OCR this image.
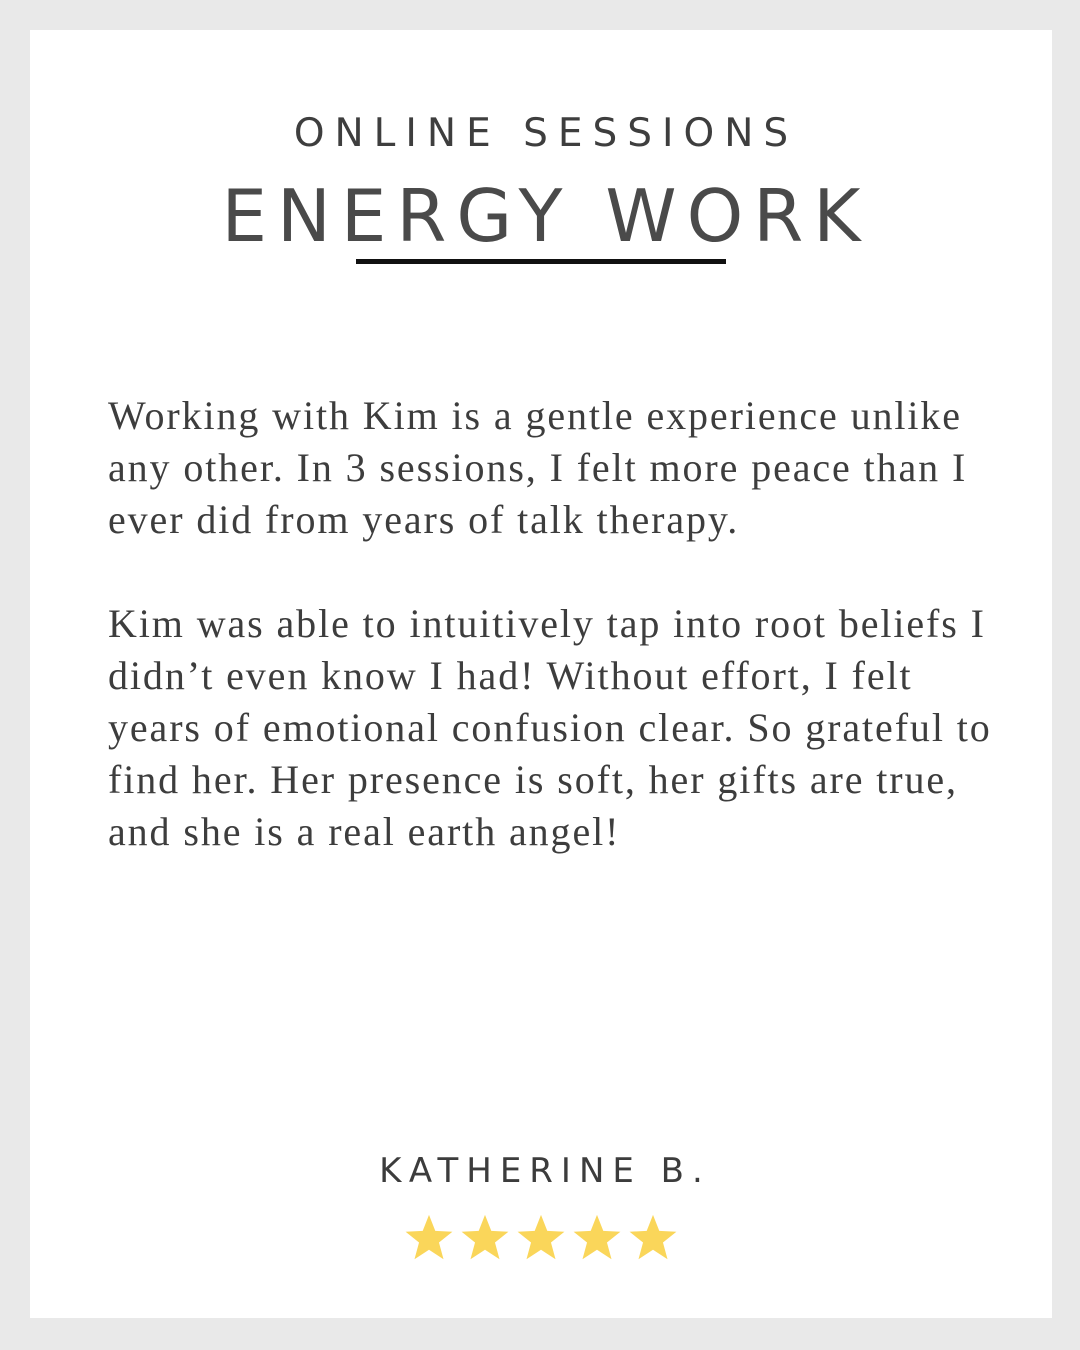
ONLINE SESSIONS
ENERGY WORK

Working with Kim is a gentle experience unlike any other. In 3 sessions, I felt more peace than I ever did from years of talk therapy.

Kim was able to intuitively tap into root beliefs I didn’t even know I had! Without effort, I felt years of emotional confusion clear. So grateful to find her. Her presence is soft, her gifts are true, and she is a real earth angel!

KATHERINE B.
